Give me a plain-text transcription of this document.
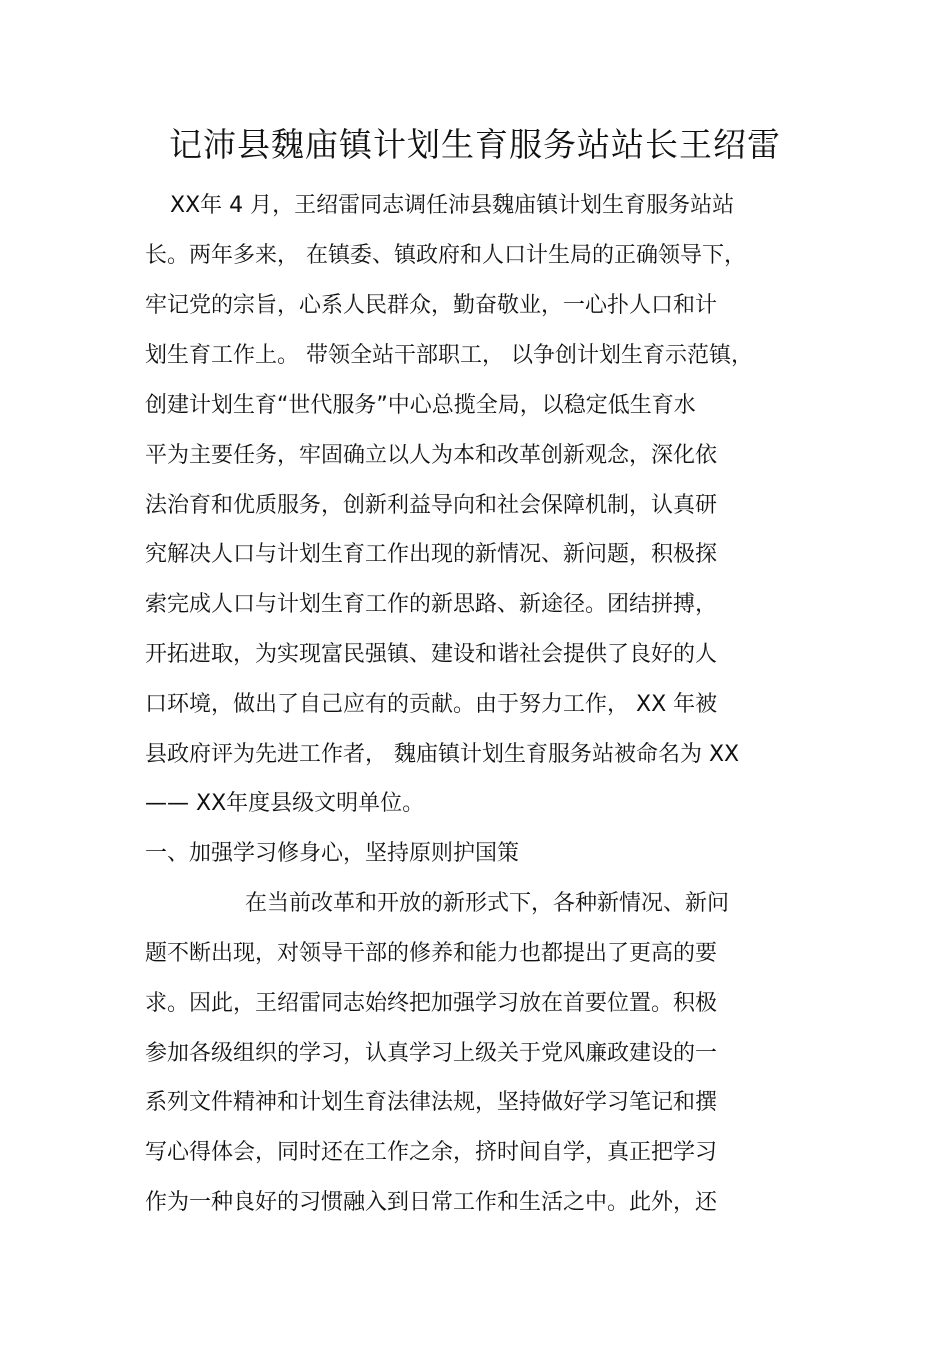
记沛县魏庙镇计划生育服务站站长王绍雷
XX年 4 月，王绍雷同志调任沛县魏庙镇计划生育服务站站
长。两年多来， 在镇委、镇政府和人口计生局的正确领导下，
牢记党的宗旨，心系人民群众，勤奋敬业，一心扑人口和计
划生育工作上。 带领全站干部职工， 以争创计划生育示范镇，
创建计划生育“世代服务”中心总揽全局，以稳定低生育水
平为主要任务，牢固确立以人为本和改革创新观念，深化依
法治育和优质服务，创新利益导向和社会保障机制，认真研
究解决人口与计划生育工作出现的新情况、新问题，积极探
索完成人口与计划生育工作的新思路、新途径。团结拼搏，
开拓进取，为实现富民强镇、建设和谐社会提供了良好的人
口环境，做出了自己应有的贡献。由于努力工作， XX 年被
县政府评为先进工作者， 魏庙镇计划生育服务站被命名为 XX
—— XX年度县级文明单位。
一、加强学习修身心，坚持原则护国策
在当前改革和开放的新形式下，各种新情况、新问
题不断出现，对领导干部的修养和能力也都提出了更高的要
求。因此，王绍雷同志始终把加强学习放在首要位置。积极
参加各级组织的学习，认真学习上级关于党风廉政建设的一
系列文件精神和计划生育法律法规，坚持做好学习笔记和撰
写心得体会，同时还在工作之余，挤时间自学，真正把学习
作为一种良好的习惯融入到日常工作和生活之中。此外，还
